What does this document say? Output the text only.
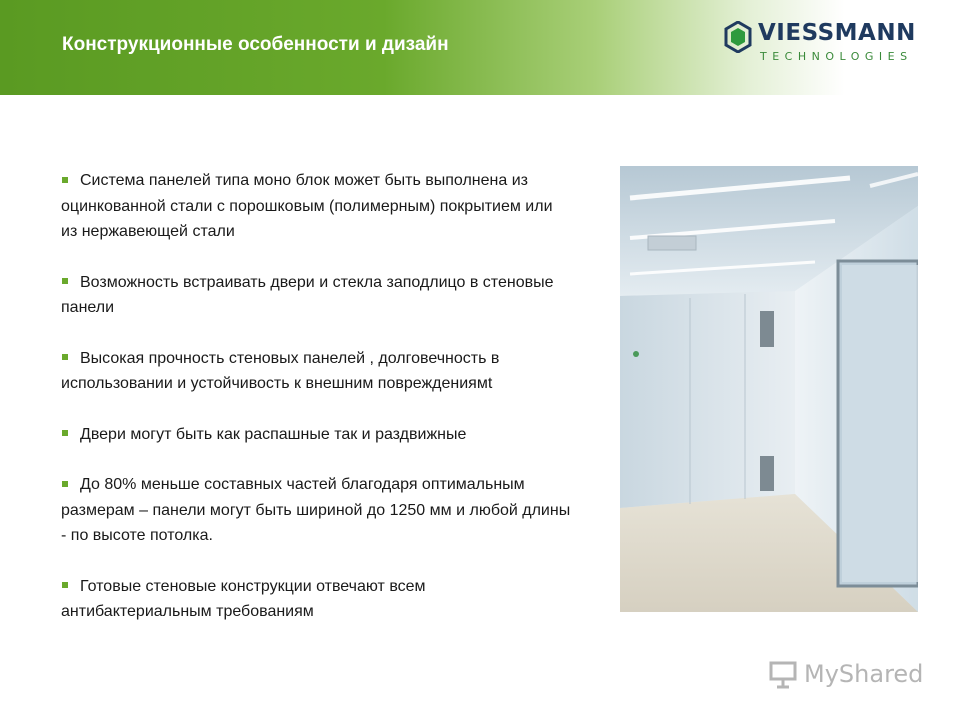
Конструкционные особенности и дизайн	VIESSMANN
TECHNOLOGIES
Система панелей типа моно блок может быть выполнена из оцинкованной стали с порошковым (полимерным) покрытием или из нержавеющей стали
Возможность встраивать двери и стекла заподлицо в стеновые панели
Высокая прочность стеновых панелей , долговечность в использовании и устойчивость к внешним повреждениямt
Двери могут быть как распашные так и раздвижные
До 80% меньше составных частей благодаря оптимальным размерам – панели могут быть шириной до 1250 мм и любой длины - по высоте потолка.
Готовые стеновые конструкции отвечают всем антибактериальным требованиям
MyShared
